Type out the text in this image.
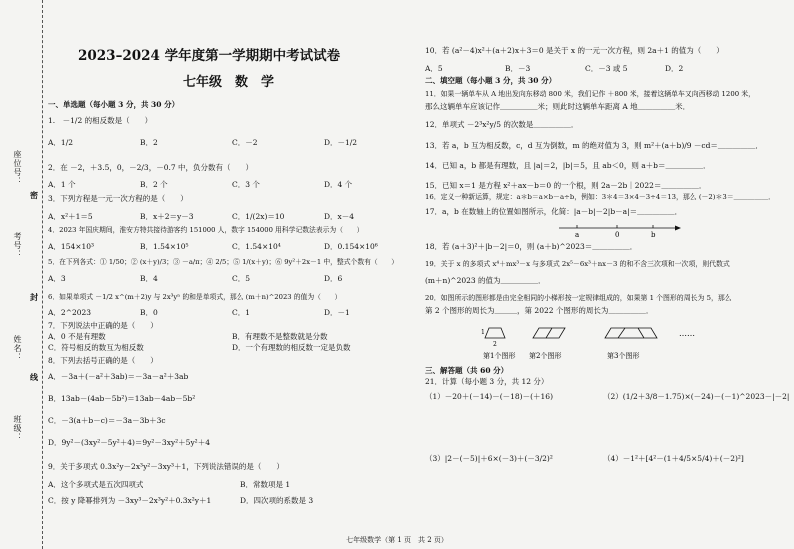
座位号：
考号：
姓名：
班级：
密
封
线
2023–2024 学年度第一学期期中考试试卷
七年级　数　学
一、单选题（每小题 3 分，共 30 分）
1.　－1/2 的相反数是（　　）
A．1/2	B．2	C．－2	D．－1/2
2．在 －2，＋3.5，0，－2/3，－0.7 中，负分数有（　　）
A．1 个	B．2 个	C．3 个	D．4 个
3．下列方程是一元一次方程的是（　　）
A．x²＋1＝5	B．x＋2＝y－3	C．1/(2x)＝10	D．x－4
4．2023 年国庆期间，淮安方特共接待游客约 151000 人，数字 154000 用科学记数法表示为（　　）
A．154×10³	B．1.54×10⁵	C．1.54×10⁴	D．0.154×10⁶
5．在下列各式：① 1/50；② (x＋y)/3；③ －a/π；④ 2/5；⑤ 1/(x＋y)；⑥ 9y²＋2x－1 中，整式个数有（　　）
A．3	B．4	C．5	D．6
6．如果单项式 －1/2 x^(m＋2)y 与 2x³yⁿ 的和是单项式，那么 (m＋n)^2023 的值为（　　）
A．2^2023	B．0	C．1	D．－1
7．下列说法中正确的是（　　）
A．0 不是有理数	B．有理数不是整数就是分数
C．符号相反的数互为相反数	D．一个有理数的相反数一定是负数
8．下列去括号正确的是（　　）
A．－3a＋(－a²＋3ab)＝－3a－a²＋3ab
B．13ab－(4ab－5b²)＝13ab－4ab－5b²
C．－3(a＋b－c)＝－3a－3b＋3c
D．9y²－(3xy²－5y²＋4)＝9y²－3xy²＋5y²＋4
9．关于多项式 0.3x²y－2x³y²－3xy³＋1，下列说法错误的是（　　）
A．这个多项式是五次四项式	B．常数项是 1
C．按 y 降幂排列为 －3xy³－2x³y²＋0.3x²y＋1	D．四次项的系数是 3
10．若 (a²－4)x²＋(a＋2)x＋3＝0 是关于 x 的一元一次方程，则 2a＋1 的值为（　　）
A．5	B．－3	C．－3 或 5	D．2
二、填空题（每小题 3 分，共 30 分）
11．如果一辆单车从 A 地出发向东移动 800 米，我们记作 ＋800 米，接着这辆单车又向西移动 1200 米，
那么这辆单车应该记作＿＿＿＿＿米；则此时这辆单车距离 A 地＿＿＿＿＿米．
12．单项式 －2³x²y/5 的次数是＿＿＿＿＿．
13．若 a，b 互为相反数，c，d 互为倒数，m 的绝对值为 3，则 m²＋(a＋b)/9 －cd＝＿＿＿＿＿．
14．已知 a，b 都是有理数，且 |a|＝2，|b|＝5，且 ab＜0，则 a＋b＝＿＿＿＿＿．
15．已知 x＝1 是方程 x²＋ax－b＝0 的一个根，则 2a－2b｜2022＝＿＿＿＿＿．
16．定义一种新运算，规定：a＊b＝a×b－a÷b，例如：3＊4＝3×4－3÷4＝13，那么 (－2)＊3＝＿＿＿＿＿．
17．a，b 在数轴上的位置如图所示，化简：|a－b|－2|b－a|＝＿＿＿＿＿．
a	0	b
18．若 (a＋3)²＋|b－2|＝0，则 (a＋b)^2023＝＿＿＿＿＿．
19．关于 x 的多项式 x⁴＋mx³－x 与多项式 2x⁵－6x³＋nx－3 的和不含三次项和一次项，则代数式
(m＋n)^2023 的值为＿＿＿＿＿．
20．如图所示的图形都是由完全相同的小梯形按一定规律组成的，如果第 1 个图形的周长为 5，那么
第 2 个图形的周长为＿＿＿，第 2022 个图形的周长为＿＿＿＿＿．
1
2
……
第1个图形 第2个图形	第3个图形
三、解答题（共 60 分）
21．计算（每小题 3 分，共 12 分）
（1）－20＋(－14)－(－18)－(＋16)	（2）(1/2＋3/8－1.75)×(－24)－(－1)^2023－|－2|
（3）|2－(－5)|＋6×(－3)＋(－3/2)²	（4）－1²＋[4²－(1＋4/5×5/4)＋(－2)²]
七年级数学（第 1 页　共 2 页）
